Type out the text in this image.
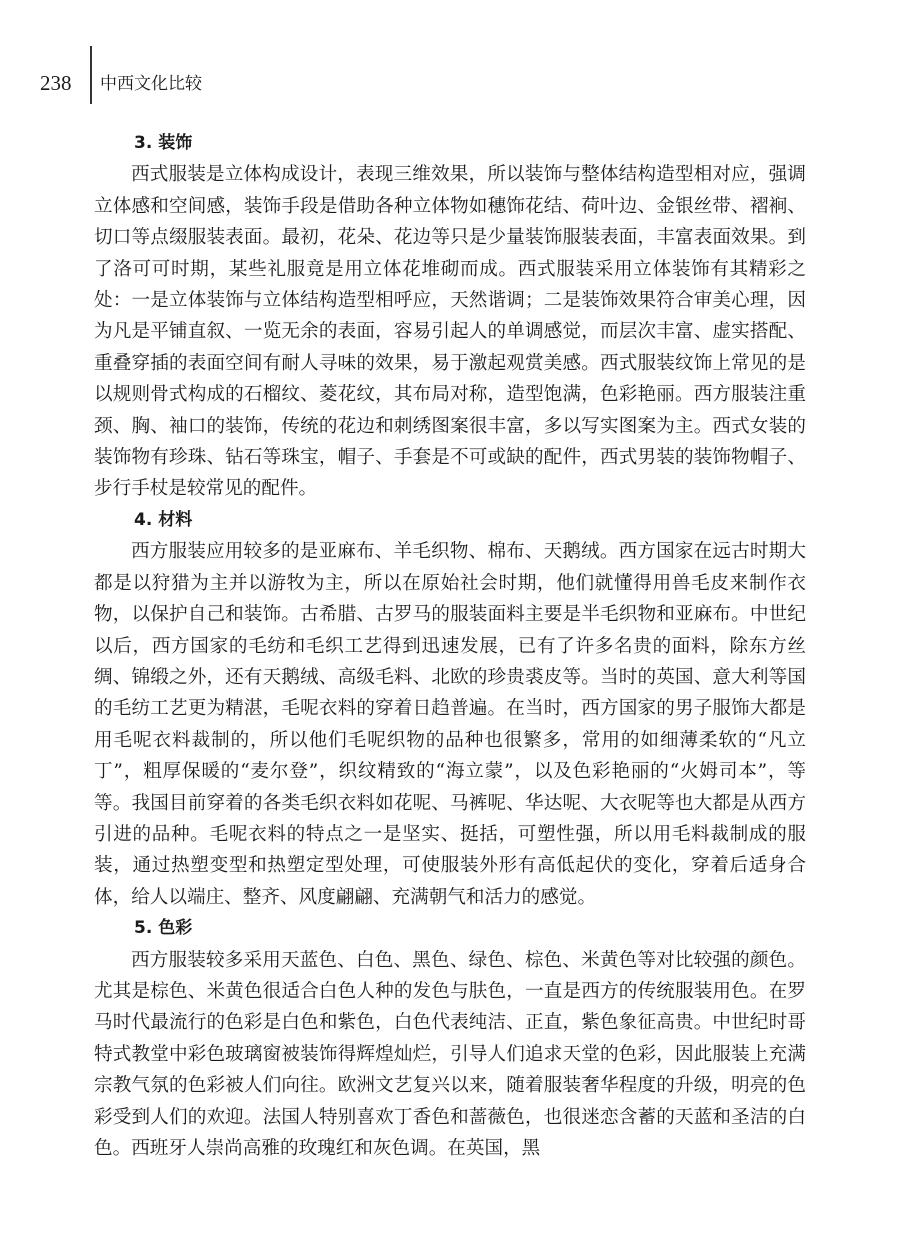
238 中西文化比较
3. 装饰

西式服装是立体构成设计，表现三维效果，所以装饰与整体结构造型相对应，强调立体感和空间感，装饰手段是借助各种立体物如穗饰花结、荷叶边、金银丝带、褶裥、切口等点缀服装表面。最初，花朵、花边等只是少量装饰服装表面，丰富表面效果。到了洛可可时期，某些礼服竟是用立体花堆砌而成。西式服装采用立体装饰有其精彩之处：一是立体装饰与立体结构造型相呼应，天然谐调；二是装饰效果符合审美心理，因为凡是平铺直叙、一览无余的表面，容易引起人的单调感觉，而层次丰富、虚实搭配、重叠穿插的表面空间有耐人寻味的效果，易于激起观赏美感。西式服装纹饰上常见的是以规则骨式构成的石榴纹、菱花纹，其布局对称，造型饱满，色彩艳丽。西方服装注重颈、胸、袖口的装饰，传统的花边和刺绣图案很丰富，多以写实图案为主。西式女装的装饰物有珍珠、钻石等珠宝，帽子、手套是不可或缺的配件，西式男装的装饰物帽子、步行手杖是较常见的配件。

4. 材料

西方服装应用较多的是亚麻布、羊毛织物、棉布、天鹅绒。西方国家在远古时期大都是以狩猎为主并以游牧为主，所以在原始社会时期，他们就懂得用兽毛皮来制作衣物，以保护自己和装饰。古希腊、古罗马的服装面料主要是半毛织物和亚麻布。中世纪以后，西方国家的毛纺和毛织工艺得到迅速发展，已有了许多名贵的面料，除东方丝绸、锦缎之外，还有天鹅绒、高级毛料、北欧的珍贵裘皮等。当时的英国、意大利等国的毛纺工艺更为精湛，毛呢衣料的穿着日趋普遍。在当时，西方国家的男子服饰大都是用毛呢衣料裁制的，所以他们毛呢织物的品种也很繁多，常用的如细薄柔软的“凡立丁”，粗厚保暖的“麦尔登”，织纹精致的“海立蒙”，以及色彩艳丽的“火姆司本”，等等。我国目前穿着的各类毛织衣料如花呢、马裤呢、华达呢、大衣呢等也大都是从西方引进的品种。毛呢衣料的特点之一是坚实、挺括，可塑性强，所以用毛料裁制成的服装，通过热塑变型和热塑定型处理，可使服装外形有高低起伏的变化，穿着后适身合体，给人以端庄、整齐、风度翩翩、充满朝气和活力的感觉。

5. 色彩

西方服装较多采用天蓝色、白色、黑色、绿色、棕色、米黄色等对比较强的颜色。尤其是棕色、米黄色很适合白色人种的发色与肤色，一直是西方的传统服装用色。在罗马时代最流行的色彩是白色和紫色，白色代表纯洁、正直，紫色象征高贵。中世纪时哥特式教堂中彩色玻璃窗被装饰得辉煌灿烂，引导人们追求天堂的色彩，因此服装上充满宗教气氛的色彩被人们向往。欧洲文艺复兴以来，随着服装奢华程度的升级，明亮的色彩受到人们的欢迎。法国人特别喜欢丁香色和蔷薇色，也很迷恋含蓄的天蓝和圣洁的白色。西班牙人崇尚高雅的玫瑰红和灰色调。在英国，黑
